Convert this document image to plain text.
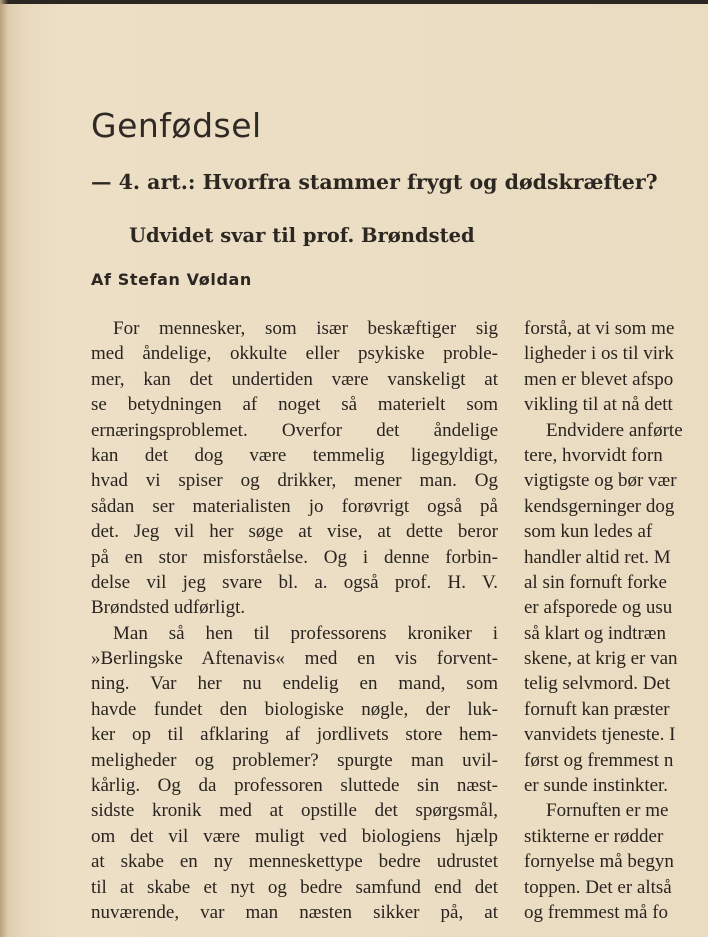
Genfødsel
— 4. art.: Hvorfra stammer frygt og dødskræfter?
Udvidet svar til prof. Brøndsted

Af Stefan Vøldan

For mennesker, som især beskæftiger sig
med åndelige, okkulte eller psykiske proble-
mer, kan det undertiden være vanskeligt at
se betydningen af noget så materielt som
ernæringsproblemet. Overfor det åndelige
kan det dog være temmelig ligegyldigt,
hvad vi spiser og drikker, mener man. Og
sådan ser materialisten jo forøvrigt også på
det. Jeg vil her søge at vise, at dette beror
på en stor misforståelse. Og i denne forbin-
delse vil jeg svare bl. a. også prof. H. V.
Brøndsted udførligt.
Man så hen til professorens kroniker i
»Berlingske Aftenavis« med en vis forvent-
ning. Var her nu endelig en mand, som
havde fundet den biologiske nøgle, der luk-
ker op til afklaring af jordlivets store hem-
meligheder og problemer? spurgte man uvil-
kårlig. Og da professoren sluttede sin næst-
sidste kronik med at opstille det spørgsmål,
om det vil være muligt ved biologiens hjælp
at skabe en ny menneskettype bedre udrustet
til at skabe et nyt og bedre samfund end det
nuværende, var man næsten sikker på, at
forstå, at vi som me
ligheder i os til virk
men er blevet afspo
vikling til at nå dett
Endvidere anførte
tere, hvorvidt forn
vigtigste og bør vær
kendsgerninger dog
som kun ledes af
handler altid ret. M
al sin fornuft forke
er afsporede og usu
så klart og indtræn
skene, at krig er van
telig selvmord. Det
fornuft kan præster
vanvidets tjeneste. I
først og fremmest n
er sunde instinkter.
Fornuften er me
stikterne er rødder
fornyelse må begyn
toppen. Det er altså
og fremmest må fo
